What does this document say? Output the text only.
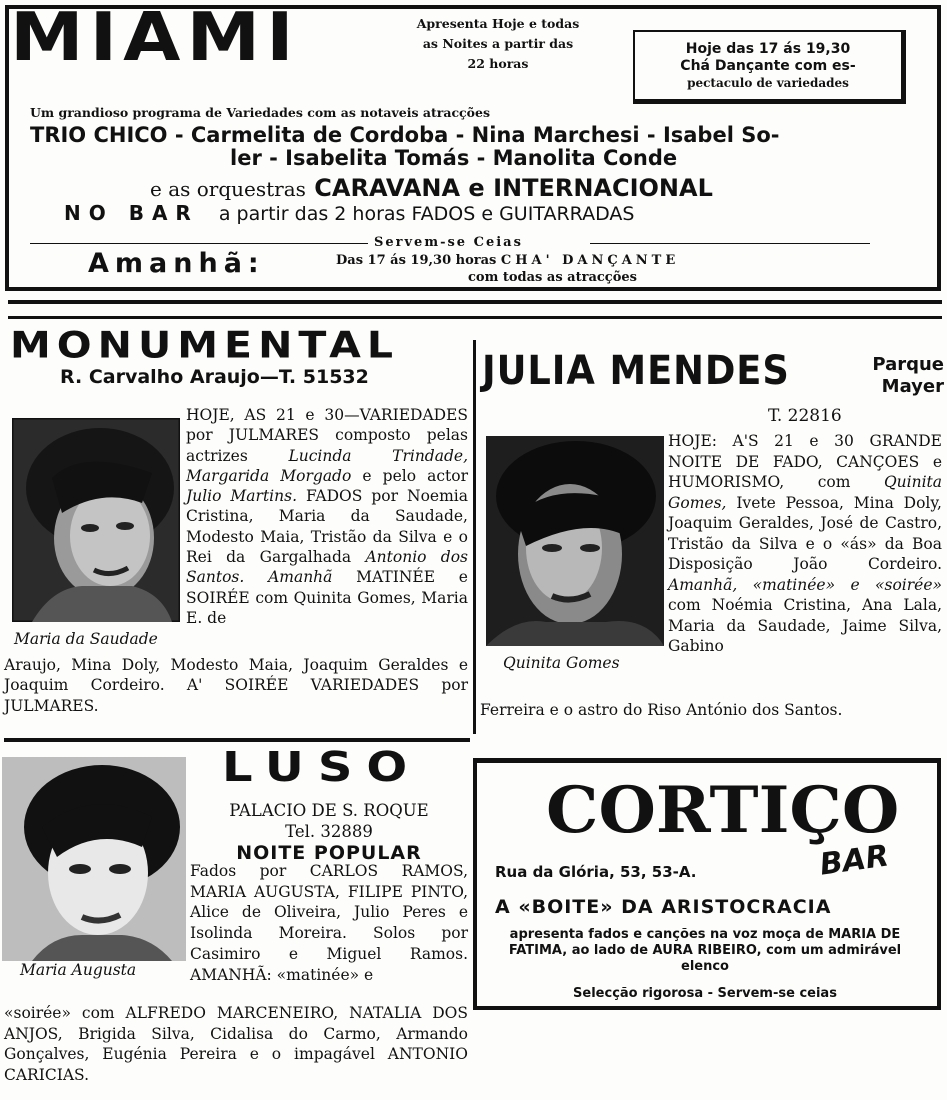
MIAMI	Apresenta Hoje e todas
as Noites a partir das
22 horas
Hoje das 17 ás 19,30
Chá Dançante com es-
pectaculo de variedades
Um grandioso programa de Variedades com as notaveis atracções
TRIO CHICO - Carmelita de Cordoba - Nina Marchesi - Isabel So-
ler - Isabelita Tomás - Manolita Conde
e as orquestras CARAVANA e INTERNACIONAL
NO BAR a partir das 2 horas FADOS e GUITARRADAS
Servem-se Ceias
Amanhã:	Das 17 ás 19,30 horas CHA' DANÇANTE
com todas as atracções
MONUMENTAL
R. Carvalho Araujo—T. 51532
Maria da Saudade
HOJE, AS 21 e 30—VARIEDADES por JULMARES composto pelas actrizes	Lucinda Trindade, Margarida Morgado e pelo actor Julio Martins. FADOS por Noemia Cristina, Maria da Saudade, Modesto Maia, Tristão da Silva e o Rei da Gargalhada Antonio dos Santos. Amanhã MATINÉE e SOIRÉE com Quinita Gomes, Maria E. de
Araujo, Mina Doly, Modesto Maia, Joaquim Geraldes e Joaquim Cordeiro. A' SOIRÉE VARIEDADES por JULMARES.
JULIA MENDES	Parque
Mayer
T. 22816
Quinita Gomes
HOJE: A'S 21 e 30 GRANDE NOITE DE FADO, CANÇOES e HUMORISMO, com Quinita Gomes, Ivete Pessoa, Mina Doly, Joaquim Geraldes, José de Castro, Tristão da Silva e o «ás» da Boa Disposição João Cordeiro. Amanhã, «matinée» e «soirée» com Noémia Cristina, Ana Lala, Maria da Saudade, Jaime Silva, Gabino
Ferreira e o astro do Riso António dos Santos.
LUSO
Maria Augusta
PALACIO DE S. ROQUE
Tel. 32889
NOITE POPULAR
Fados por CARLOS RAMOS, MARIA AUGUSTA, FILIPE PINTO, Alice de Oliveira, Julio Peres e Isolinda Moreira. Solos por Casimiro e Miguel Ramos. AMANHÃ: «matinée» e
«soirée» com ALFREDO MARCENEIRO, NATALIA DOS ANJOS, Brigida Silva, Cidalisa do Carmo, Armando Gonçalves, Eugénia Pereira e o impagável ANTONIO CARICIAS.
CORTIÇO
BAR
Rua da Glória, 53, 53-A.
A «BOITE» DA ARISTOCRACIA
apresenta fados e canções na voz moça de MARIA DE FATIMA, ao lado de AURA RIBEIRO, com um admirável elenco
Selecção rigorosa - Servem-se ceias
